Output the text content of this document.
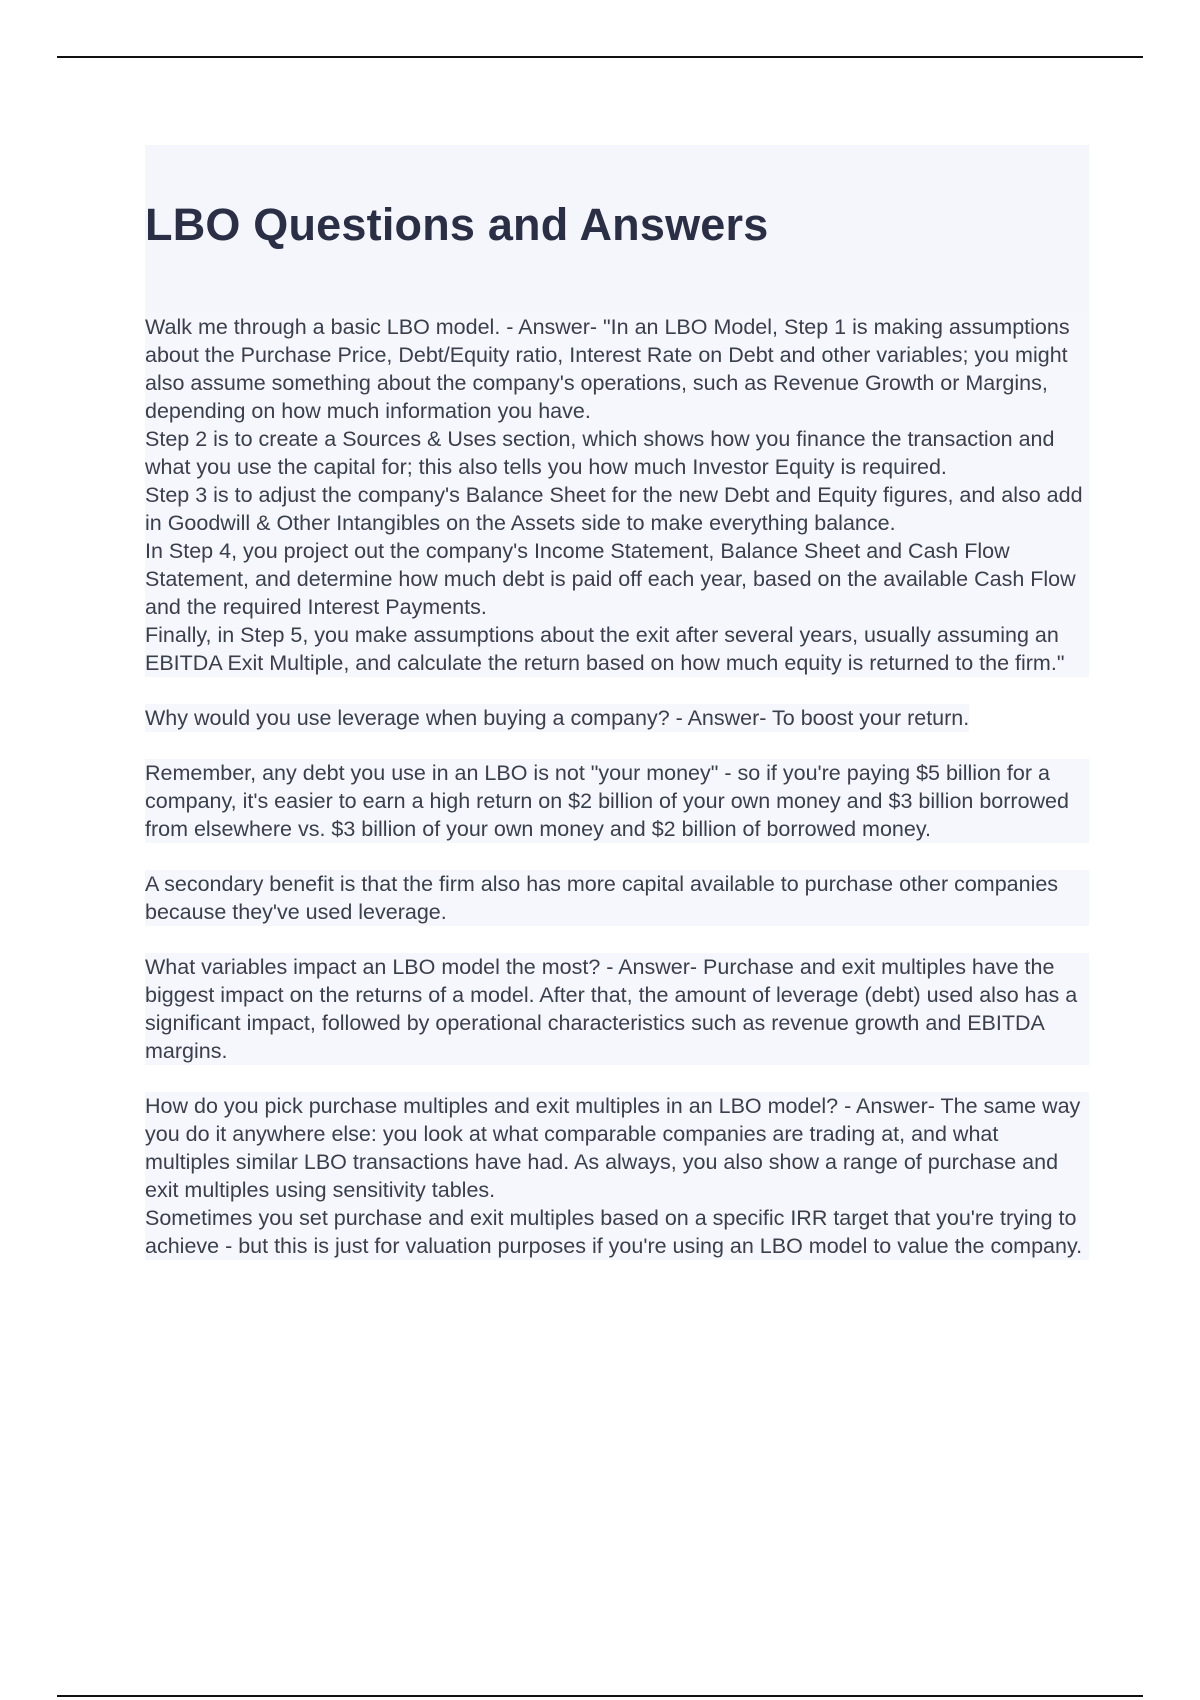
LBO Questions and Answers

Walk me through a basic LBO model. - Answer- "In an LBO Model, Step 1 is making assumptions about the Purchase Price, Debt/Equity ratio, Interest Rate on Debt and other variables; you might also assume something about the company's operations, such as Revenue Growth or Margins, depending on how much information you have.

Step 2 is to create a Sources & Uses section, which shows how you finance the transaction and what you use the capital for; this also tells you how much Investor Equity is required.

Step 3 is to adjust the company's Balance Sheet for the new Debt and Equity figures, and also add in Goodwill & Other Intangibles on the Assets side to make everything balance.

In Step 4, you project out the company's Income Statement, Balance Sheet and Cash Flow Statement, and determine how much debt is paid off each year, based on the available Cash Flow and the required Interest Payments.

Finally, in Step 5, you make assumptions about the exit after several years, usually assuming an EBITDA Exit Multiple, and calculate the return based on how much equity is returned to the firm."

Why would you use leverage when buying a company? - Answer- To boost your return.

Remember, any debt you use in an LBO is not "your money" - so if you're paying $5 billion for a company, it's easier to earn a high return on $2 billion of your own money and $3 billion borrowed from elsewhere vs. $3 billion of your own money and $2 billion of borrowed money.

A secondary benefit is that the firm also has more capital available to purchase other companies because they've used leverage.

What variables impact an LBO model the most? - Answer- Purchase and exit multiples have the biggest impact on the returns of a model. After that, the amount of leverage (debt) used also has a significant impact, followed by operational characteristics such as revenue growth and EBITDA margins.

How do you pick purchase multiples and exit multiples in an LBO model? - Answer- The same way you do it anywhere else: you look at what comparable companies are trading at, and what multiples similar LBO transactions have had. As always, you also show a range of purchase and exit multiples using sensitivity tables.

Sometimes you set purchase and exit multiples based on a specific IRR target that you're trying to achieve - but this is just for valuation purposes if you're using an LBO model to value the company.
